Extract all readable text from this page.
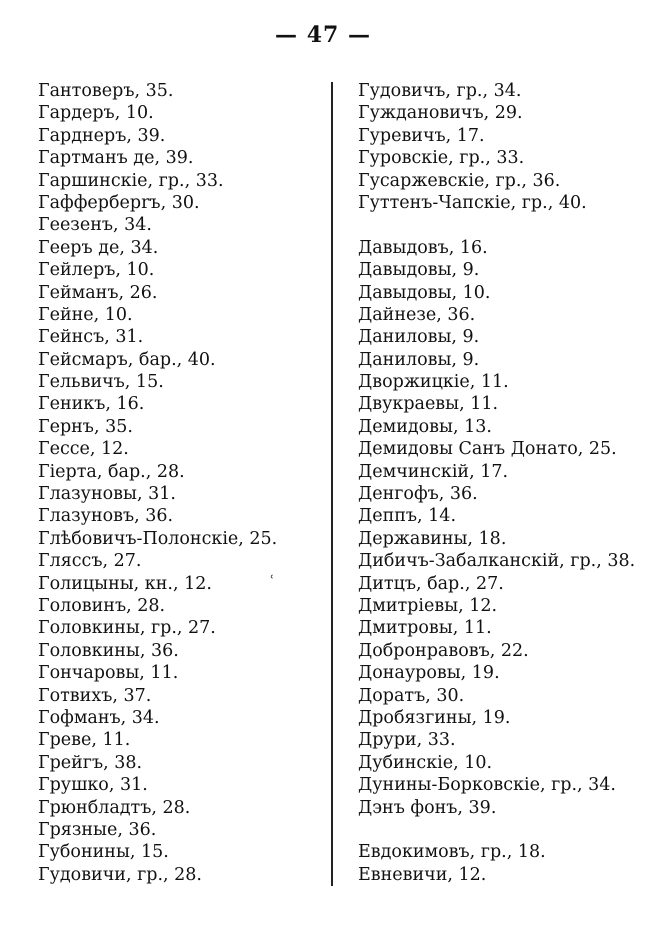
— 47 —
Гантоверъ, 35.
Гардеръ, 10.
Гарднеръ, 39.
Гартманъ де, 39.
Гаршинскіе, гр., 33.
Гафферберrъ, 30.
Геезенъ, 34.
Геeръ де, 34.
Гейлеръ, 10.
Гейманъ, 26.
Гейне, 10.
Гейнсъ, 31.
Гейсмаръ, бар., 40.
Гельвичъ, 15.
Геникъ, 16.
Гернъ, 35.
Гессе, 12.
Гіерта, бар., 28.
Глазуновы, 31.
Глазуновъ, 36.
Глѣбовичъ-Полонскіе, 25.
Гляссъ, 27.
Голицыны, кн., 12.
Головинъ, 28.
Головкины, гр., 27.
Головкины, 36.
Гончаровы, 11.
Готвихъ, 37.
Гофманъ, 34.
Греве, 11.
Грейгъ, 38.
Грушко, 31.
Грюнбладтъ, 28.
Грязные, 36.
Губонины, 15.
Гудовичи, гр., 28.
Гудовичъ, гр., 34.
Гуждановичъ, 29.
Гуревичъ, 17.
Гуровскіе, гр., 33.
Гусаржевскіе, гр., 36.
Гуттенъ-Чапскіе, гр., 40.
Давыдовъ, 16.
Давыдовы, 9.
Давыдовы, 10.
Дайнезе, 36.
Даниловы, 9.
Даниловы, 9.
Дворжицкіе, 11.
Двукраевы, 11.
Демидовы, 13.
Демидовы Санъ Донато, 25.
Демчинскій, 17.
Денгофъ, 36.
Деппъ, 14.
Державины, 18.
Дибичъ-Забалканскій, гр., 38.
Дитцъ, бар., 27.
Дмитріевы, 12.
Дмитровы, 11.
Добронравовъ, 22.
Донауровы, 19.
Доратъ, 30.
Дробязгины, 19.
Друри, 33.
Дубинскіе, 10.
Дунины-Борковскіе, гр., 34.
Дэнъ фонъ, 39.
Евдокимовъ, гр., 18.
Евневичи, 12.
˓
